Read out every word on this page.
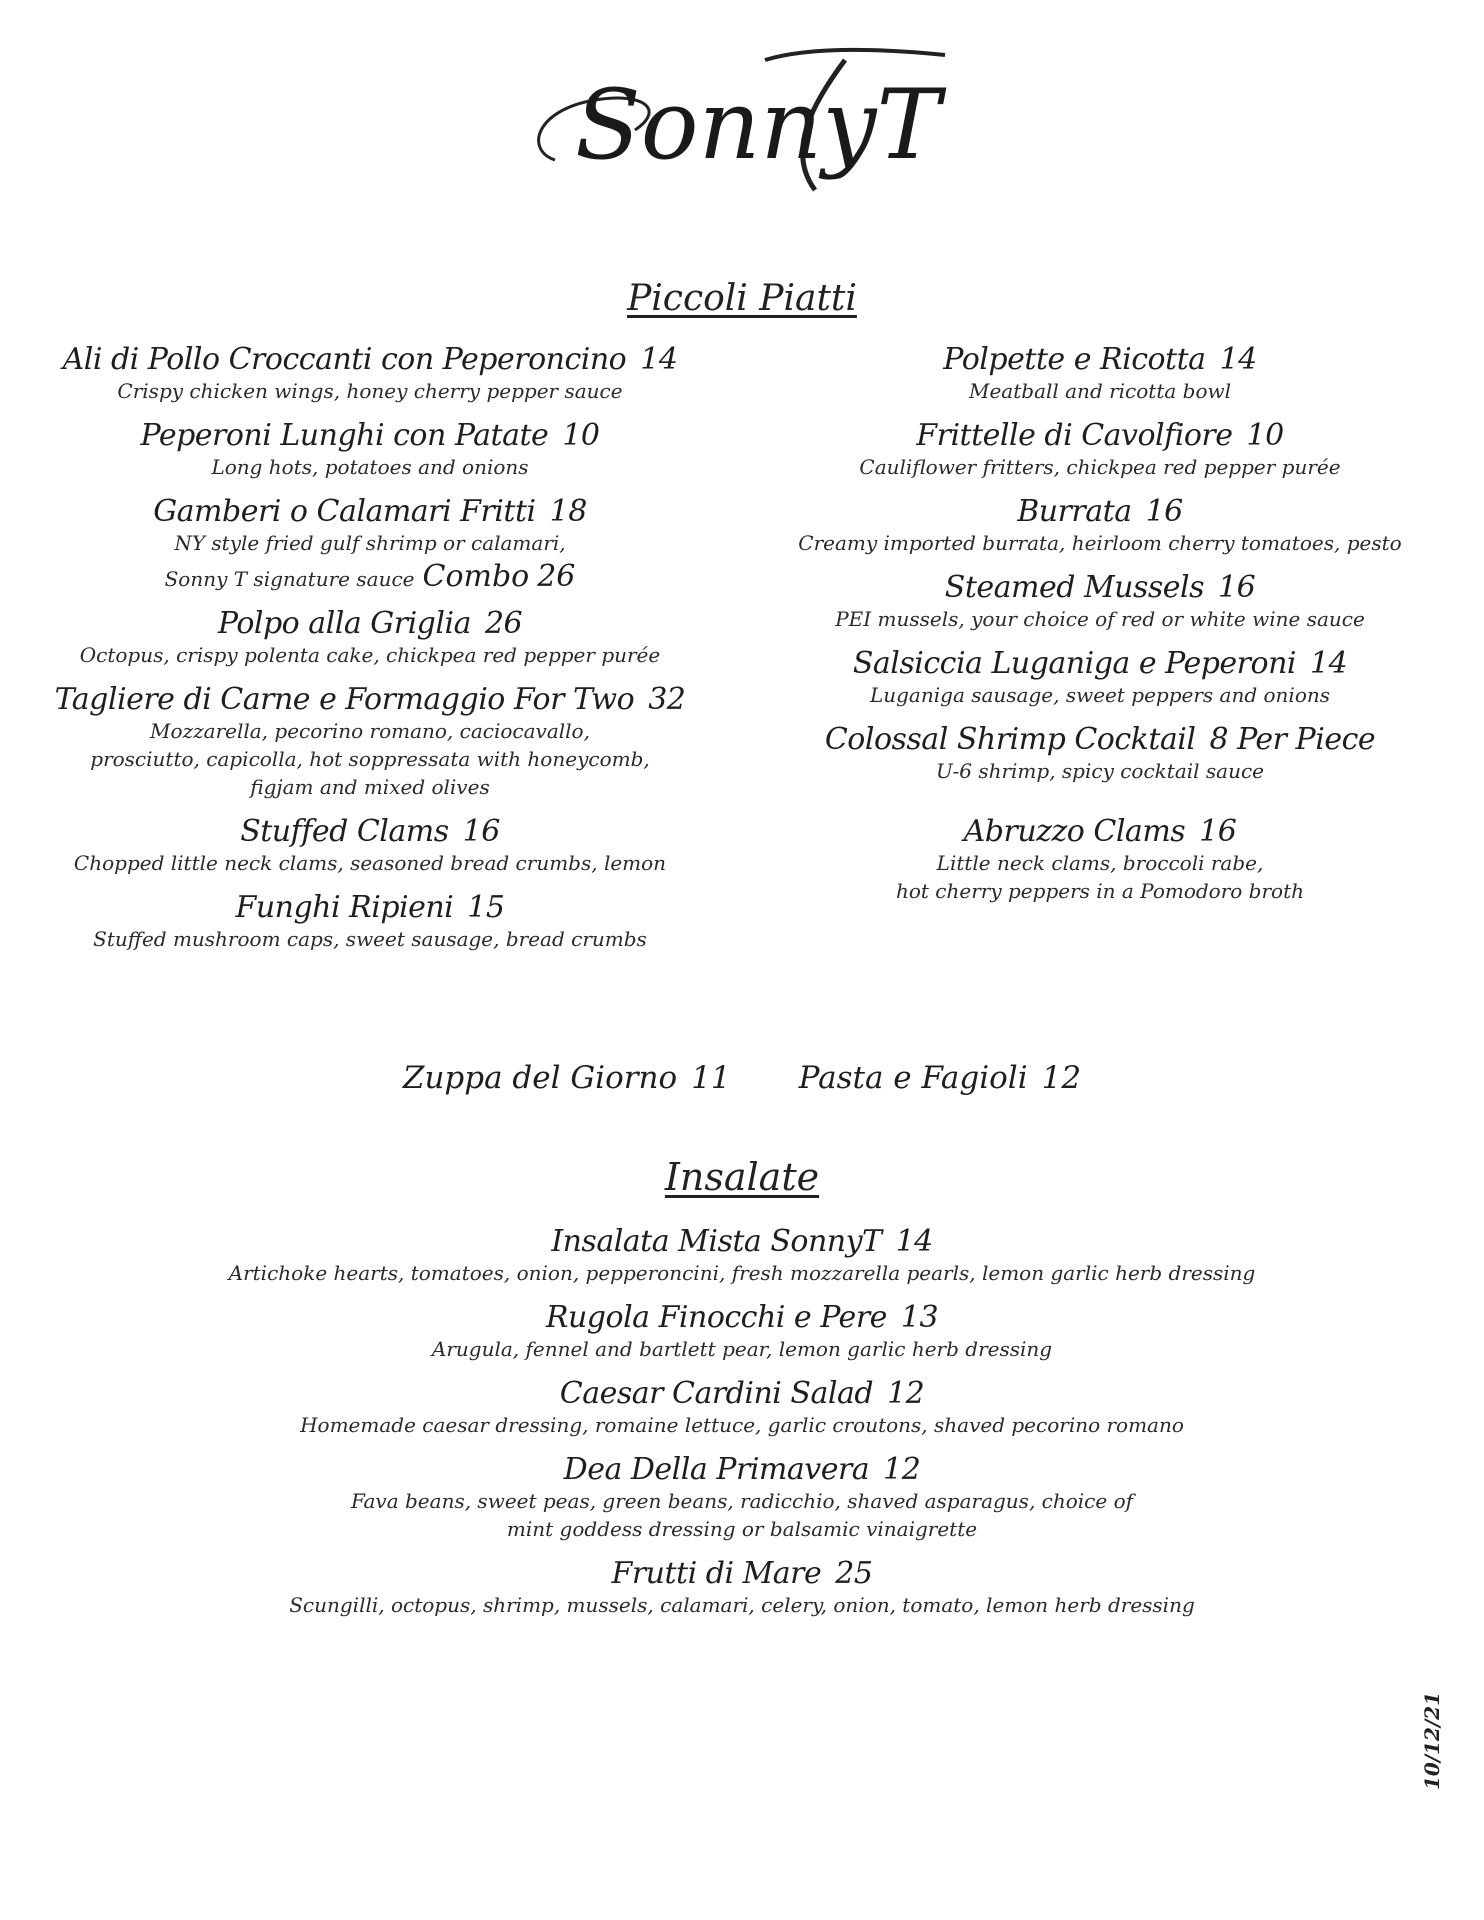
SonnyT
Piccoli Piatti
Ali di Pollo Croccanti con Peperoncino 14
Crispy chicken wings, honey cherry pepper sauce
Peperoni Lunghi con Patate 10
Long hots, potatoes and onions
Gamberi o Calamari Fritti 18
NY style fried gulf shrimp or calamari,
Sonny T signature sauce Combo 26
Polpo alla Griglia 26
Octopus, crispy polenta cake, chickpea red pepper purée
Tagliere di Carne e Formaggio For Two 32
Mozzarella, pecorino romano, caciocavallo,
prosciutto, capicolla, hot soppressata with honeycomb,
figjam and mixed olives
Stuffed Clams 16
Chopped little neck clams, seasoned bread crumbs, lemon
Funghi Ripieni 15
Stuffed mushroom caps, sweet sausage, bread crumbs
Polpette e Ricotta 14
Meatball and ricotta bowl
Frittelle di Cavolfiore 10
Cauliflower fritters, chickpea red pepper purée
Burrata 16
Creamy imported burrata, heirloom cherry tomatoes, pesto
Steamed Mussels 16
PEI mussels, your choice of red or white wine sauce
Salsiccia Luganiga e Peperoni 14
Luganiga sausage, sweet peppers and onions
Colossal Shrimp Cocktail 8 Per Piece
U-6 shrimp, spicy cocktail sauce
Abruzzo Clams 16
Little neck clams, broccoli rabe,
hot cherry peppers in a Pomodoro broth
Zuppa del Giorno 11 Pasta e Fagioli 12
Insalate
Insalata Mista SonnyT 14
Artichoke hearts, tomatoes, onion, pepperoncini, fresh mozzarella pearls, lemon garlic herb dressing
Rugola Finocchi e Pere 13
Arugula, fennel and bartlett pear, lemon garlic herb dressing
Caesar Cardini Salad 12
Homemade caesar dressing, romaine lettuce, garlic croutons, shaved pecorino romano
Dea Della Primavera 12
Fava beans, sweet peas, green beans, radicchio, shaved asparagus, choice of
mint goddess dressing or balsamic vinaigrette
Frutti di Mare 25
Scungilli, octopus, shrimp, mussels, calamari, celery, onion, tomato, lemon herb dressing
10/12/21
